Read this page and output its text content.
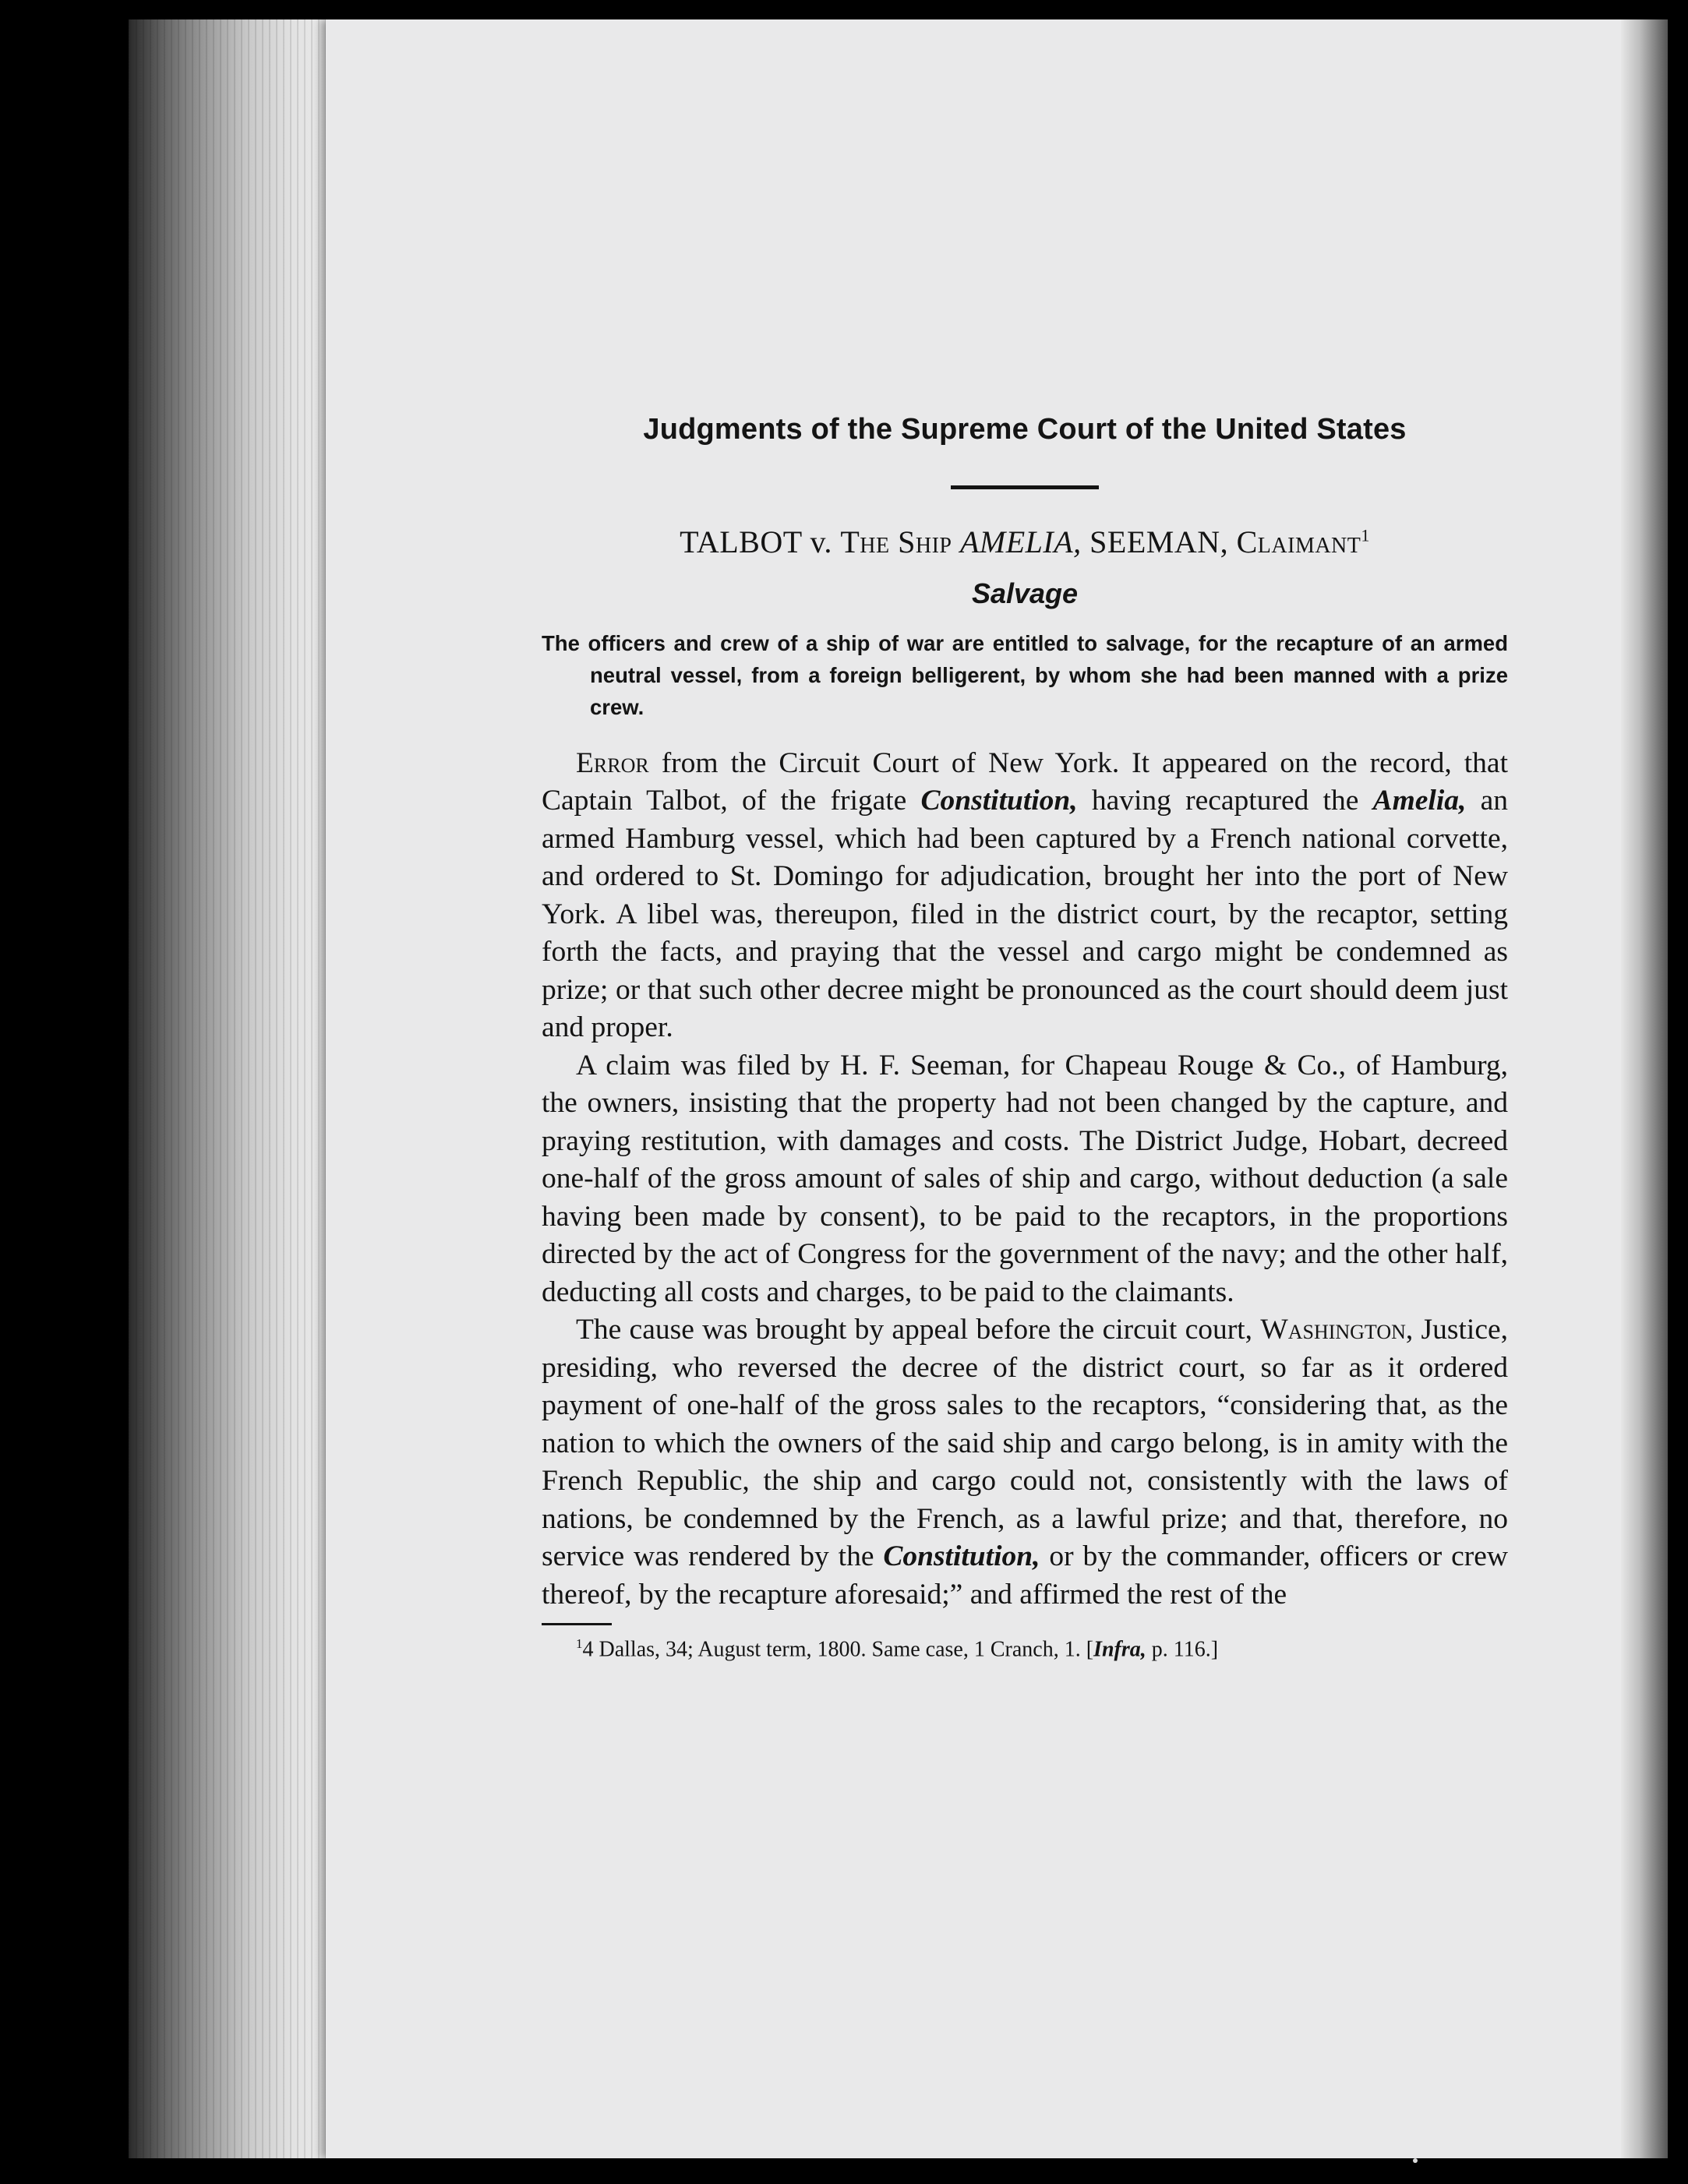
Judgments of the Supreme Court of the United States
TALBOT v. The Ship AMELIA, SEEMAN, Claimant$^1$
Salvage

The officers and crew of a ship of war are entitled to salvage, for the recapture of an armed neutral vessel, from a foreign belligerent, by whom she had been manned with a prize crew.

Error from the Circuit Court of New York. It appeared on the record, that Captain Talbot, of the frigate Constitution, having recaptured the Amelia, an armed Hamburg vessel, which had been captured by a French national corvette, and ordered to St. Domingo for adjudication, brought her into the port of New York. A libel was, thereupon, filed in the district court, by the recaptor, setting forth the facts, and praying that the vessel and cargo might be condemned as prize; or that such other decree might be pronounced as the court should deem just and proper.

A claim was filed by H. F. Seeman, for Chapeau Rouge & Co., of Hamburg, the owners, insisting that the property had not been changed by the capture, and praying restitution, with damages and costs. The District Judge, Hobart, decreed one-half of the gross amount of sales of ship and cargo, without deduction (a sale having been made by consent), to be paid to the recaptors, in the proportions directed by the act of Congress for the government of the navy; and the other half, deducting all costs and charges, to be paid to the claimants.

The cause was brought by appeal before the circuit court, Washington, Justice, presiding, who reversed the decree of the district court, so far as it ordered payment of one-half of the gross sales to the recaptors, “considering that, as the nation to which the owners of the said ship and cargo belong, is in amity with the French Republic, the ship and cargo could not, consistently with the laws of nations, be condemned by the French, as a lawful prize; and that, therefore, no service was rendered by the Constitution, or by the commander, officers or crew thereof, by the recapture aforesaid;” and affirmed the rest of the

$^1$4 Dallas, 34; August term, 1800. Same case, 1 Cranch, 1. [Infra, p. 116.]
